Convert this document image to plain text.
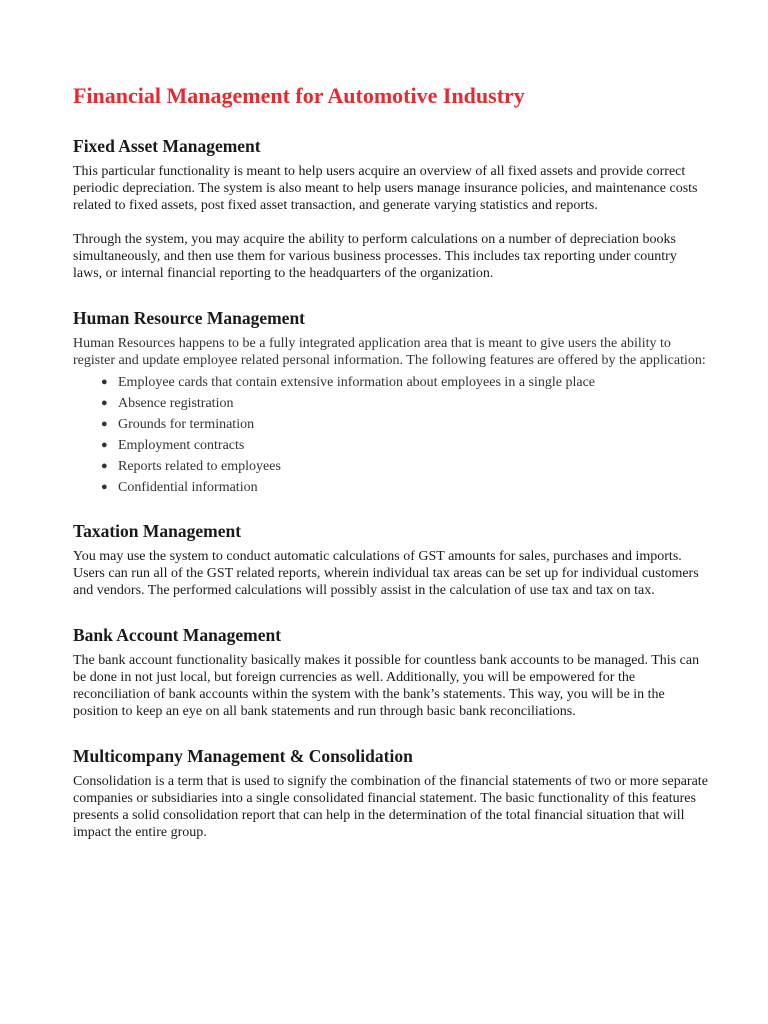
Financial Management for Automotive Industry
Fixed Asset Management

This particular functionality is meant to help users acquire an overview of all fixed assets and provide correct periodic depreciation. The system is also meant to help users manage insurance policies, and maintenance costs related to fixed assets, post fixed asset transaction, and generate varying statistics and reports.

Through the system, you may acquire the ability to perform calculations on a number of depreciation books simultaneously, and then use them for various business processes. This includes tax reporting under country laws, or internal financial reporting to the headquarters of the organization.

Human Resource Management

Human Resources happens to be a fully integrated application area that is meant to give users the ability to register and update employee related personal information. The following features are offered by the application:

● Employee cards that contain extensive information about employees in a single place
● Absence registration
● Grounds for termination
● Employment contracts
● Reports related to employees
● Confidential information
Taxation Management

You may use the system to conduct automatic calculations of GST amounts for sales, purchases and imports. Users can run all of the GST related reports, wherein individual tax areas can be set up for individual customers and vendors. The performed calculations will possibly assist in the calculation of use tax and tax on tax.

Bank Account Management

The bank account functionality basically makes it possible for countless bank accounts to be managed. This can be done in not just local, but foreign currencies as well. Additionally, you will be empowered for the reconciliation of bank accounts within the system with the bank’s statements. This way, you will be in the position to keep an eye on all bank statements and run through basic bank reconciliations.

Multicompany Management & Consolidation

Consolidation is a term that is used to signify the combination of the financial statements of two or more separate companies or subsidiaries into a single consolidated financial statement. The basic functionality of this features presents a solid consolidation report that can help in the determination of the total financial situation that will impact the entire group.
